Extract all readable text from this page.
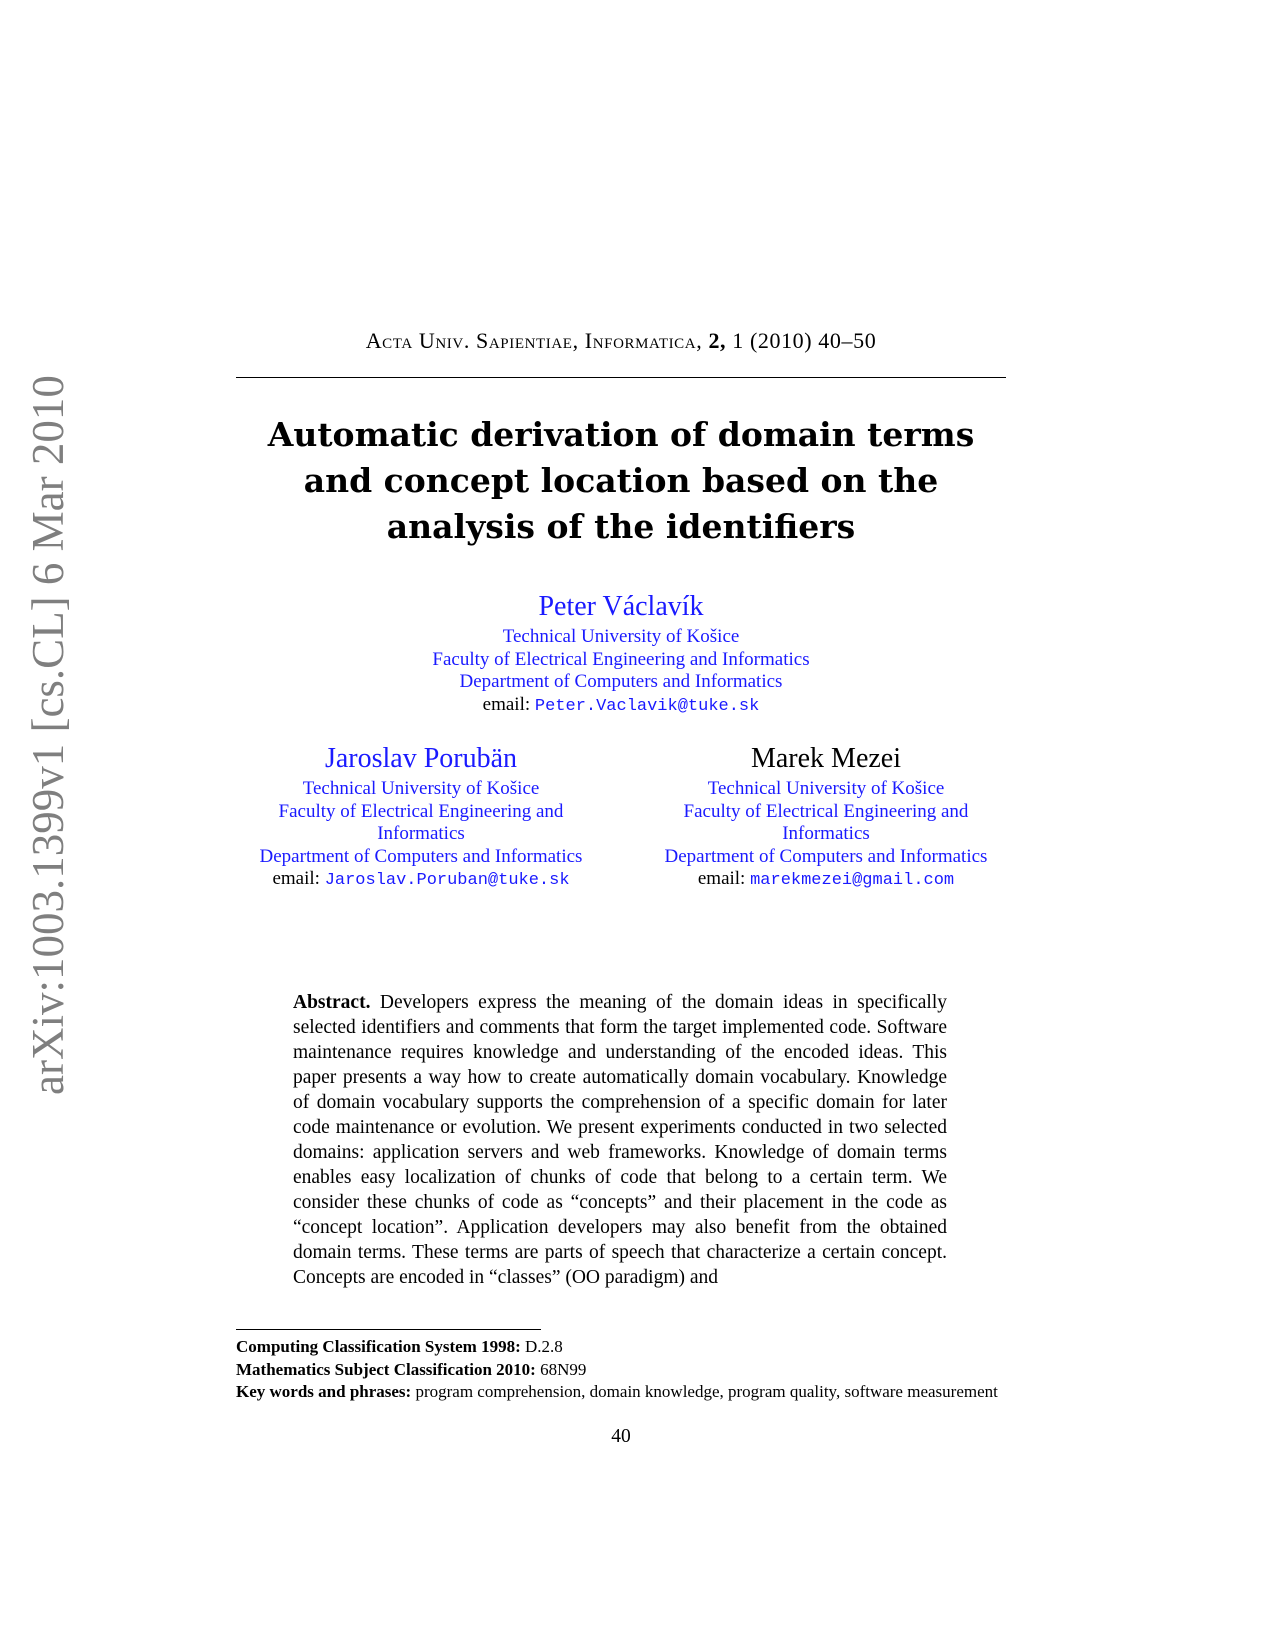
arXiv:1003.1399v1 [cs.CL] 6 Mar 2010
Acta Univ. Sapientiae, Informatica, 2, 1 (2010) 40–50
Automatic derivation of domain terms and concept location based on the analysis of the identifiers
Peter Václavík
Technical University of Košice
Faculty of Electrical Engineering and Informatics
Department of Computers and Informatics
email: Peter.Vaclavik@tuke.sk
Jaroslav Porubän
Technical University of Košice
Faculty of Electrical Engineering and Informatics
Department of Computers and Informatics
email: Jaroslav.Poruban@tuke.sk
Marek Mezei
Technical University of Košice
Faculty of Electrical Engineering and Informatics
Department of Computers and Informatics
email: marekmezei@gmail.com

Abstract. Developers express the meaning of the domain ideas in specifically selected identifiers and comments that form the target implemented code. Software maintenance requires knowledge and understanding of the encoded ideas. This paper presents a way how to create automatically domain vocabulary. Knowledge of domain vocabulary supports the comprehension of a specific domain for later code maintenance or evolution. We present experiments conducted in two selected domains: application servers and web frameworks. Knowledge of domain terms enables easy localization of chunks of code that belong to a certain term. We consider these chunks of code as “concepts” and their placement in the code as “concept location”. Application developers may also benefit from the obtained domain terms. These terms are parts of speech that characterize a certain concept. Concepts are encoded in “classes” (OO paradigm) and

Computing Classification System 1998: D.2.8
Mathematics Subject Classification 2010: 68N99
Key words and phrases: program comprehension, domain knowledge, program quality, software measurement
40
